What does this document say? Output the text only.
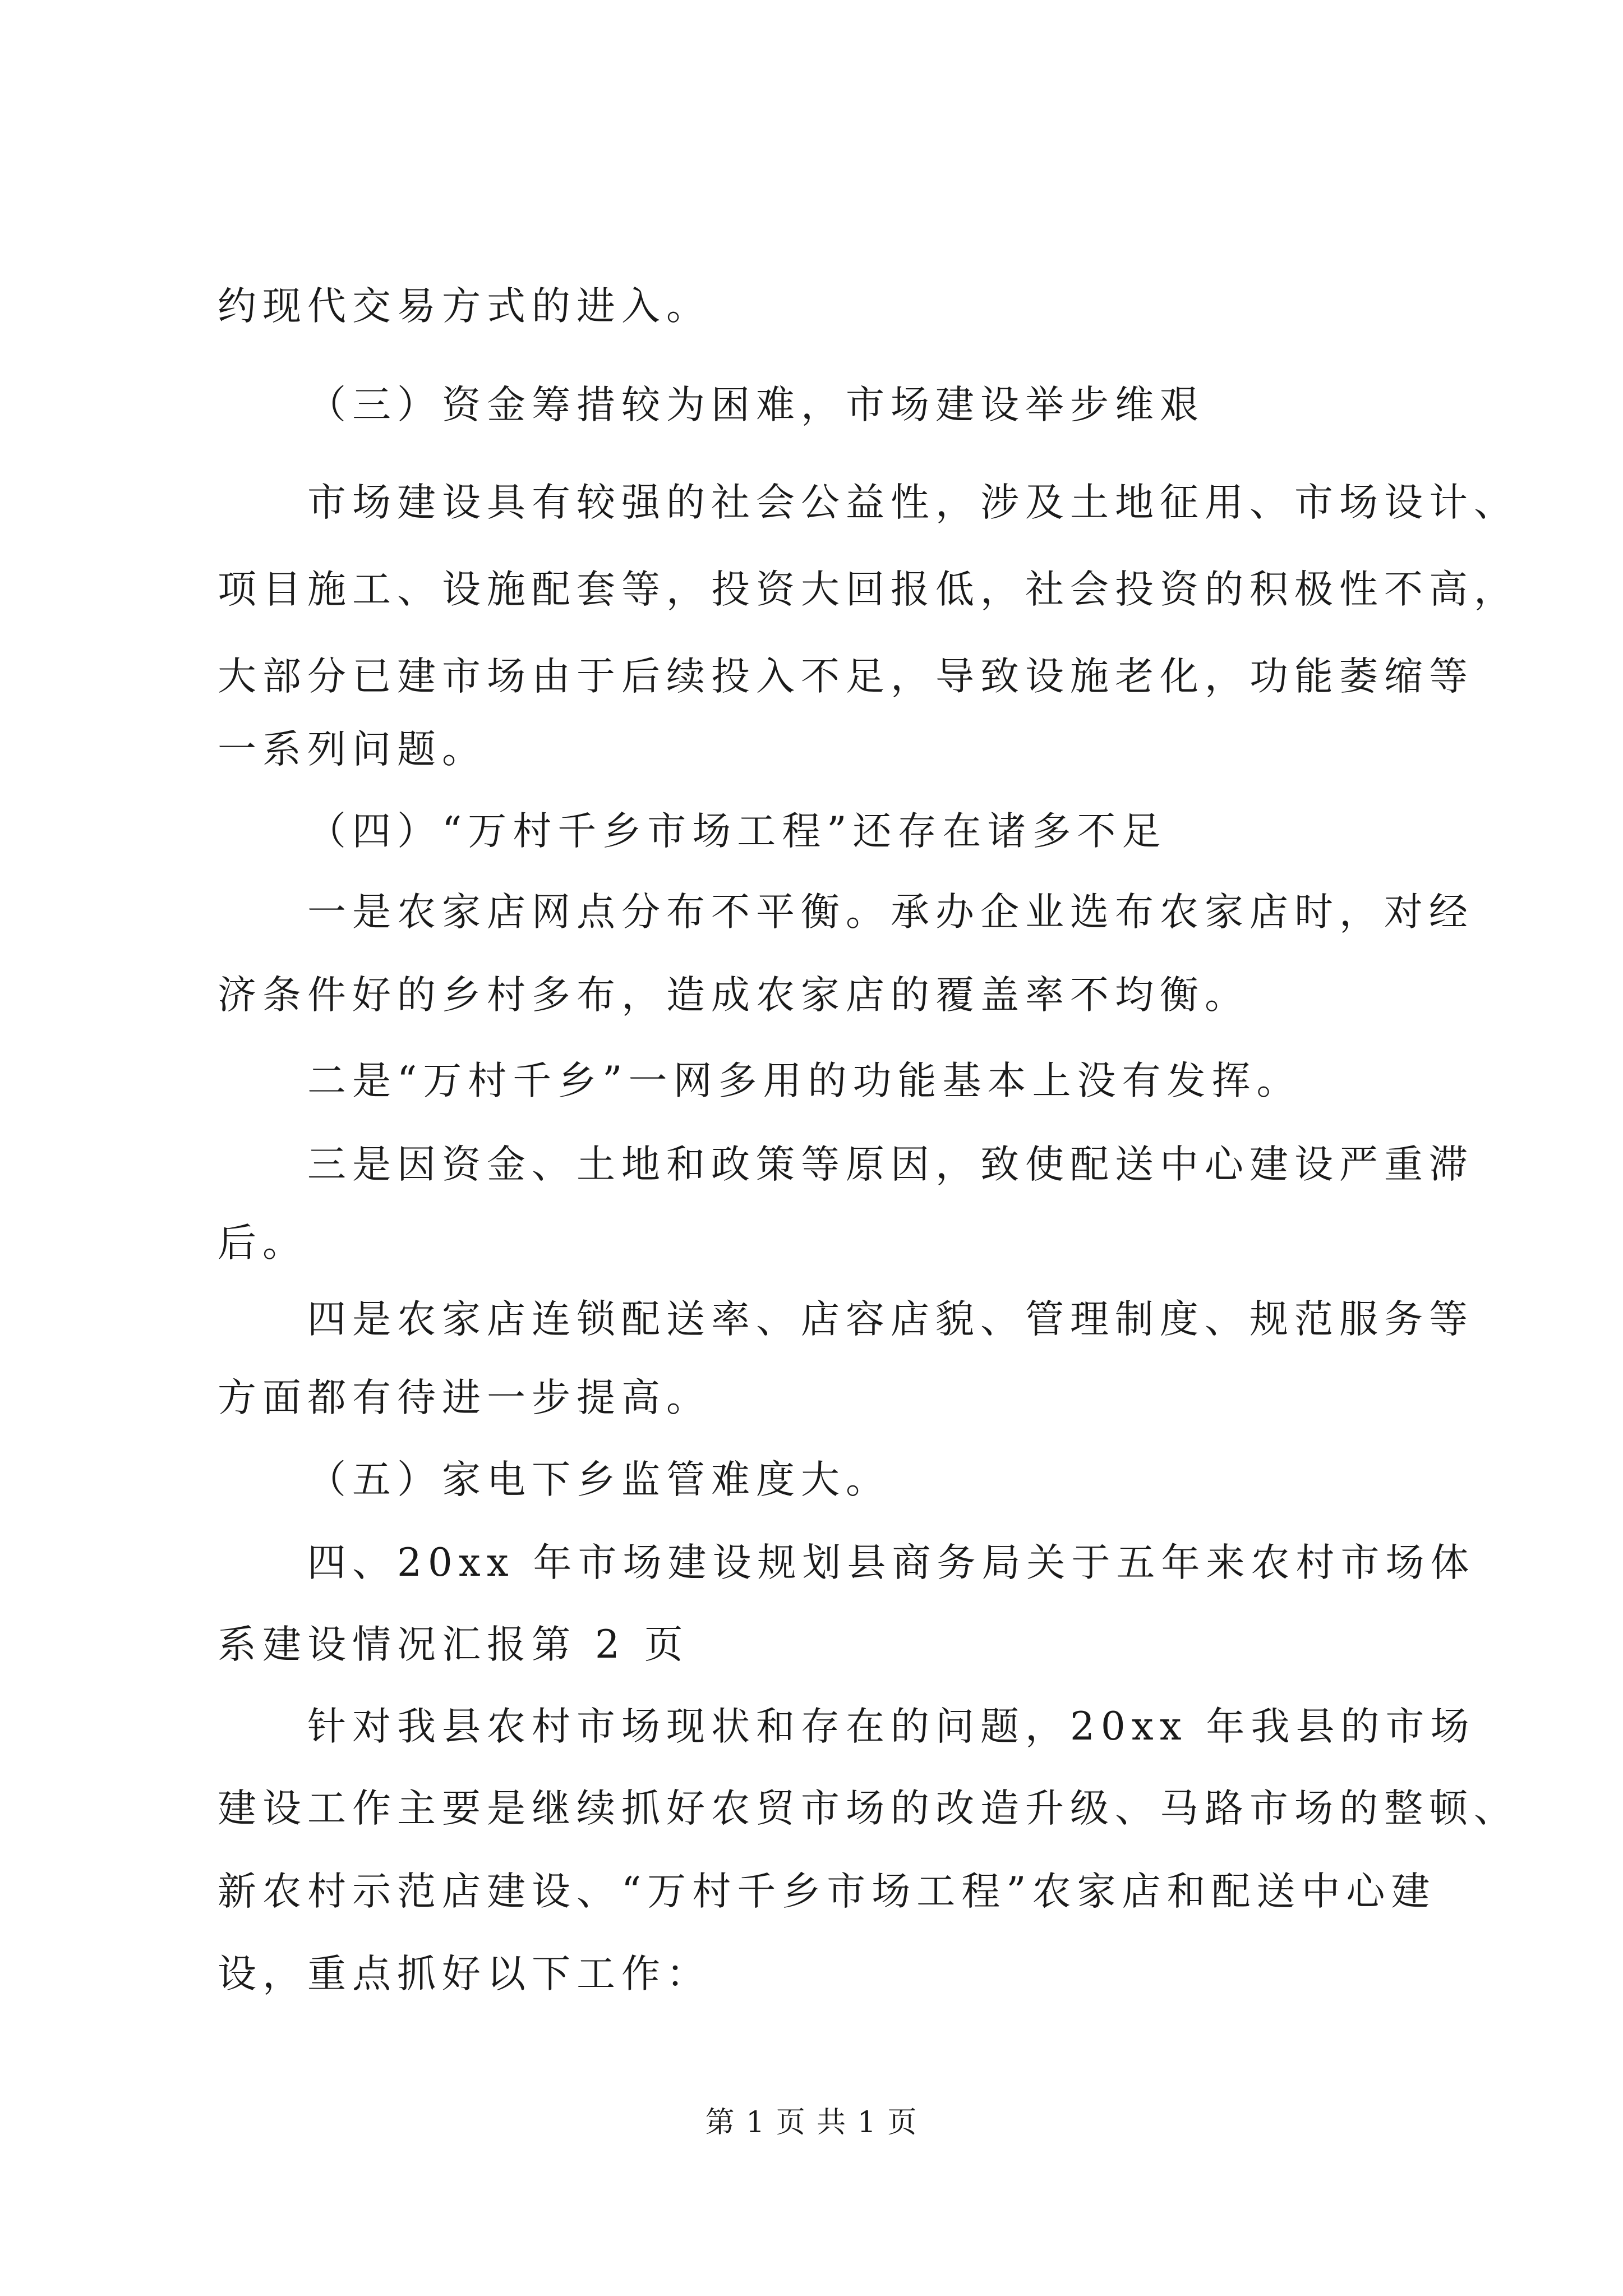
约现代交易方式的进入。
（三）资金筹措较为困难，市场建设举步维艰
市场建设具有较强的社会公益性，涉及土地征用、市场设计、
项目施工、设施配套等，投资大回报低，社会投资的积极性不高，
大部分已建市场由于后续投入不足，导致设施老化，功能萎缩等
一系列问题。
（四）“万村千乡市场工程”还存在诸多不足
一是农家店网点分布不平衡。承办企业选布农家店时，对经
济条件好的乡村多布，造成农家店的覆盖率不均衡。
二是“万村千乡”一网多用的功能基本上没有发挥。
三是因资金、土地和政策等原因，致使配送中心建设严重滞
后。
四是农家店连锁配送率、店容店貌、管理制度、规范服务等
方面都有待进一步提高。
（五）家电下乡监管难度大。
四、20xx 年市场建设规划县商务局关于五年来农村市场体
系建设情况汇报第 2 页
针对我县农村市场现状和存在的问题，20xx 年我县的市场
建设工作主要是继续抓好农贸市场的改造升级、马路市场的整顿、
新农村示范店建设、“万村千乡市场工程”农家店和配送中心建
设，重点抓好以下工作：
第 1 页 共 1 页
